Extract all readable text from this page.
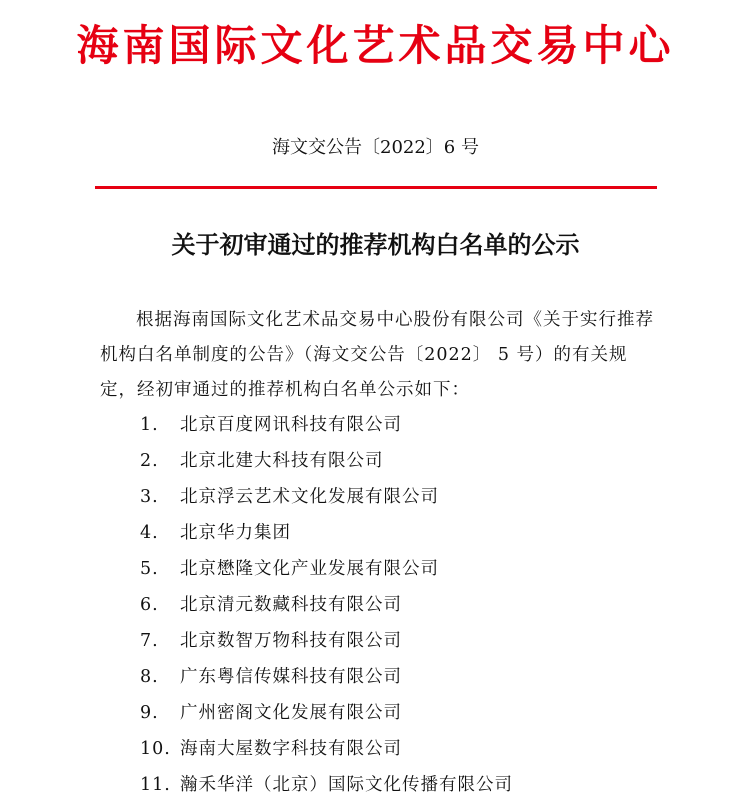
海南国际文化艺术品交易中心
海文交公告〔2022〕6 号
关于初审通过的推荐机构白名单的公示

根据海南国际文化艺术品交易中心股份有限公司《关于实行推荐机构白名单制度的公告》（海文交公告〔2022〕 5 号）的有关规定，经初审通过的推荐机构白名单公示如下：

1. 北京百度网讯科技有限公司
2. 北京北建大科技有限公司
3. 北京浮云艺术文化发展有限公司
4. 北京华力集团
5. 北京懋隆文化产业发展有限公司
6. 北京清元数藏科技有限公司
7. 北京数智万物科技有限公司
8. 广东粤信传媒科技有限公司
9. 广州密阁文化发展有限公司
10. 海南大屋数字科技有限公司
11. 瀚禾华洋（北京）国际文化传播有限公司
